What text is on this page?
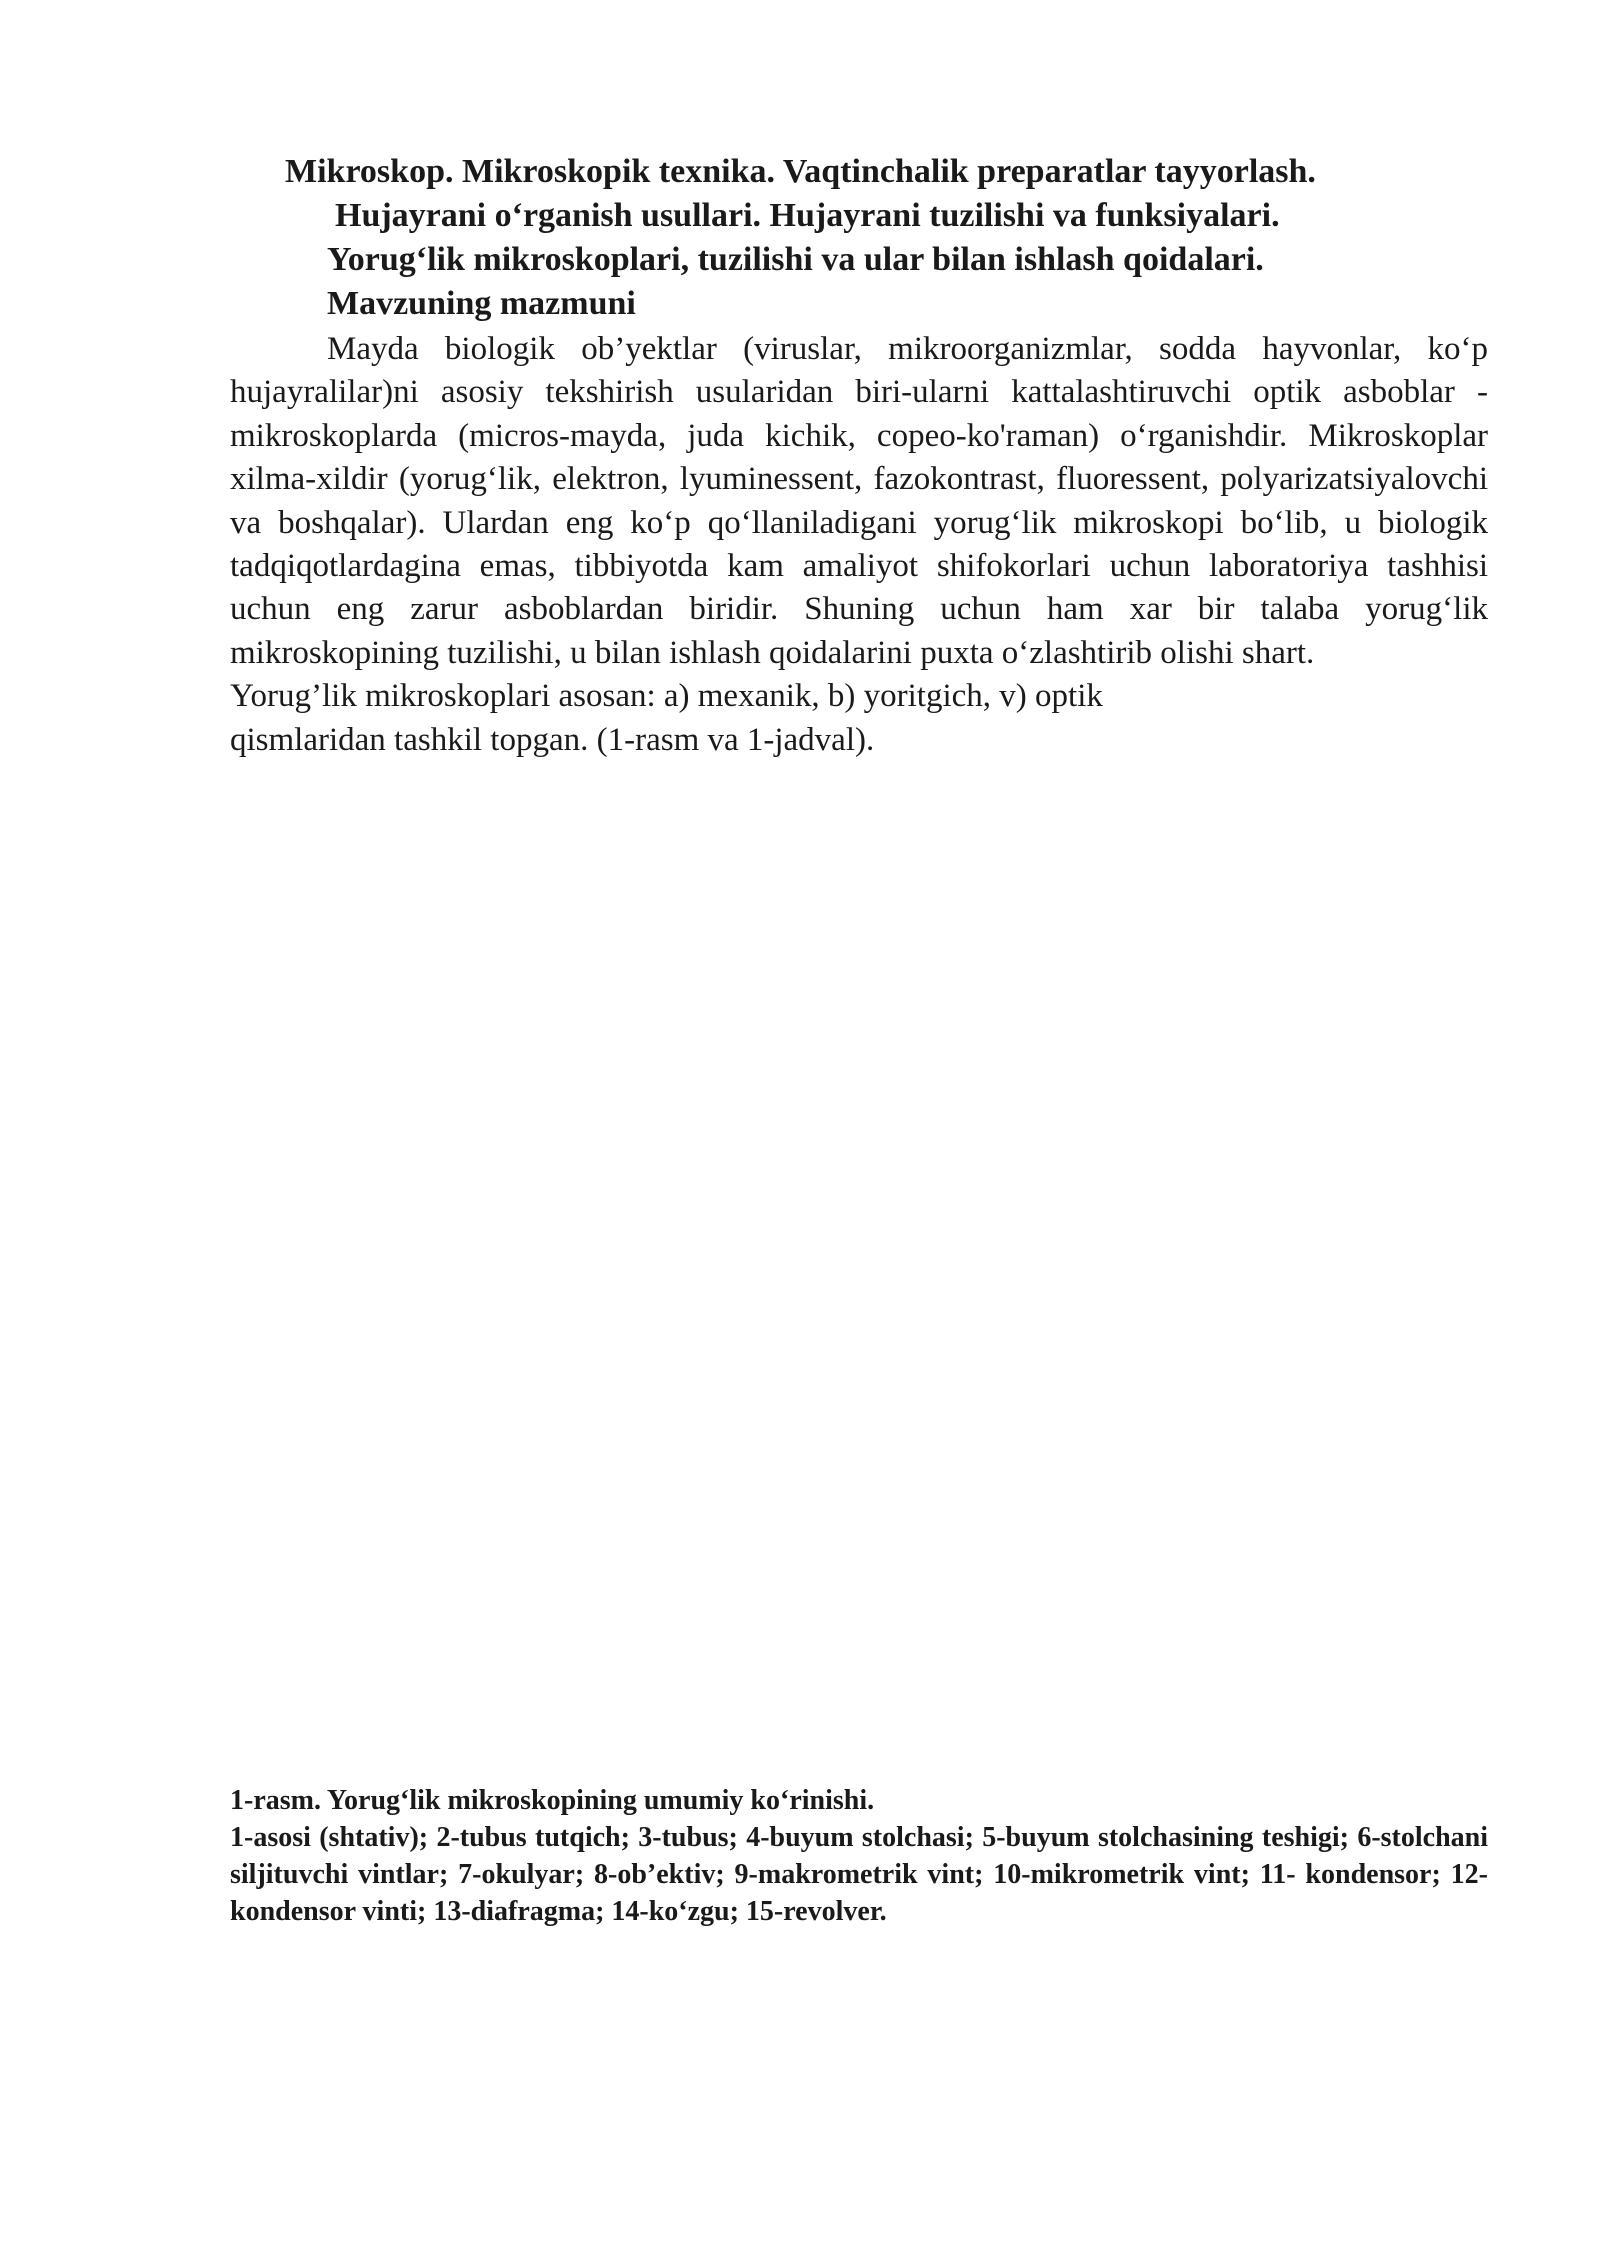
Mikroskop. Mikroskopik texnika. Vaqtinchalik preparatlar tayyorlash.
Hujayrani o‘rganish usullari. Hujayrani tuzilishi va funksiyalari.
Yorug‘lik mikroskoplari, tuzilishi va ular bilan ishlash qoidalari.
Mavzuning mazmuni

Mayda biologik ob’yektlar (viruslar, mikroorganizmlar, sodda hayvonlar, ko‘p hujayralilar)ni asosiy tekshirish usularidan biri-ularni kattalashtiruvchi optik asboblar - mikroskoplarda (micros-mayda, juda kichik, copeo-ko'raman) o‘rganishdir. Mikroskoplar xilma-xildir (yorug‘lik, elektron, lyuminessent, fazokontrast, fluoressent, polyarizatsiyalovchi va boshqalar). Ulardan eng ko‘p qo‘llaniladigani yorug‘lik mikroskopi bo‘lib, u biologik tadqiqotlardagina emas, tibbiyotda kam amaliyot shifokorlari uchun laboratoriya tashhisi uchun eng zarur asboblardan biridir. Shuning uchun ham xar bir talaba yorug‘lik mikroskopining tuzilishi, u bilan ishlash qoidalarini puxta o‘zlashtirib olishi shart.

Yorug’lik mikroskoplari asosan: a) mexanik, b) yoritgich, v) optik
qismlaridan tashkil topgan. (1-rasm va 1-jadval).

1-rasm. Yorug‘lik mikroskopining umumiy ko‘rinishi.

1-asosi (shtativ); 2-tubus tutqich; 3-tubus; 4-buyum stolchasi; 5-buyum stolchasining teshigi; 6-stolchani siljituvchi vintlar; 7-okulyar; 8-ob’ektiv; 9-makrometrik vint; 10-mikrometrik vint; 11- kondensor; 12-kondensor vinti; 13-diafragma; 14-ko‘zgu; 15-revolver.
